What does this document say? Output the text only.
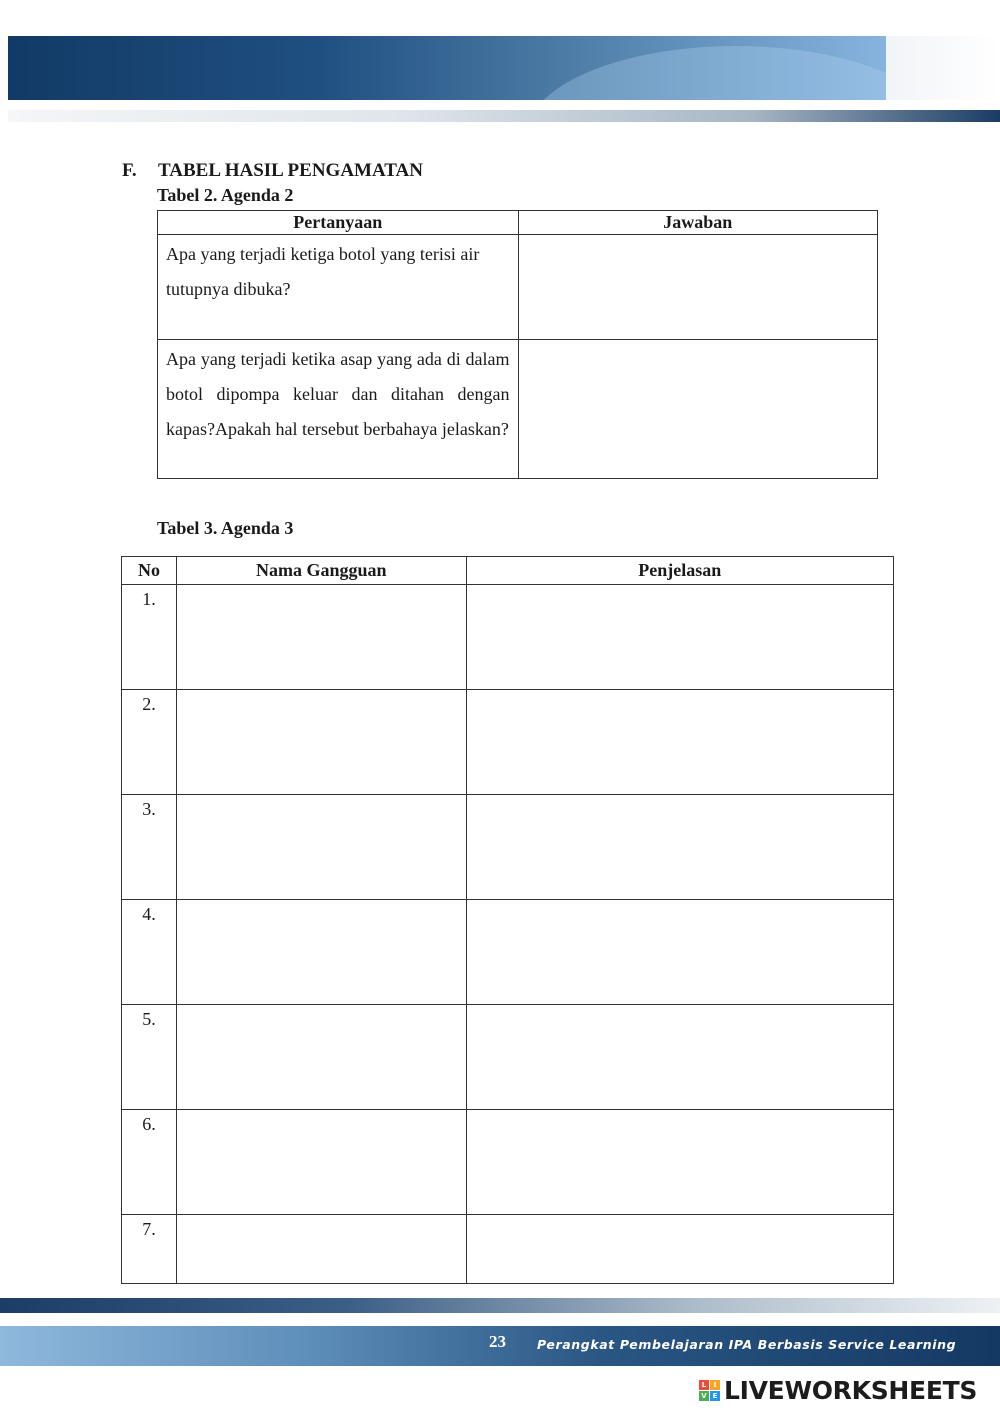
F. TABEL HASIL PENGAMATAN
Tabel 2. Agenda 2
Pertanyaan	Jawaban
Apa yang terjadi ketiga botol yang terisi air tutupnya dibuka?	
Apa yang terjadi ketika asap yang ada di dalam botol dipompa keluar dan ditahan dengan kapas?Apakah hal tersebut berbahaya jelaskan?	
Tabel 3. Agenda 3
No	Nama Gangguan	Penjelasan
1.		
2.		
3.		
4.		
5.		
6.		
7.		
23 Perangkat Pembelajaran IPA Berbasis Service Learning
L	I
V E LIVEWORKSHEETS
